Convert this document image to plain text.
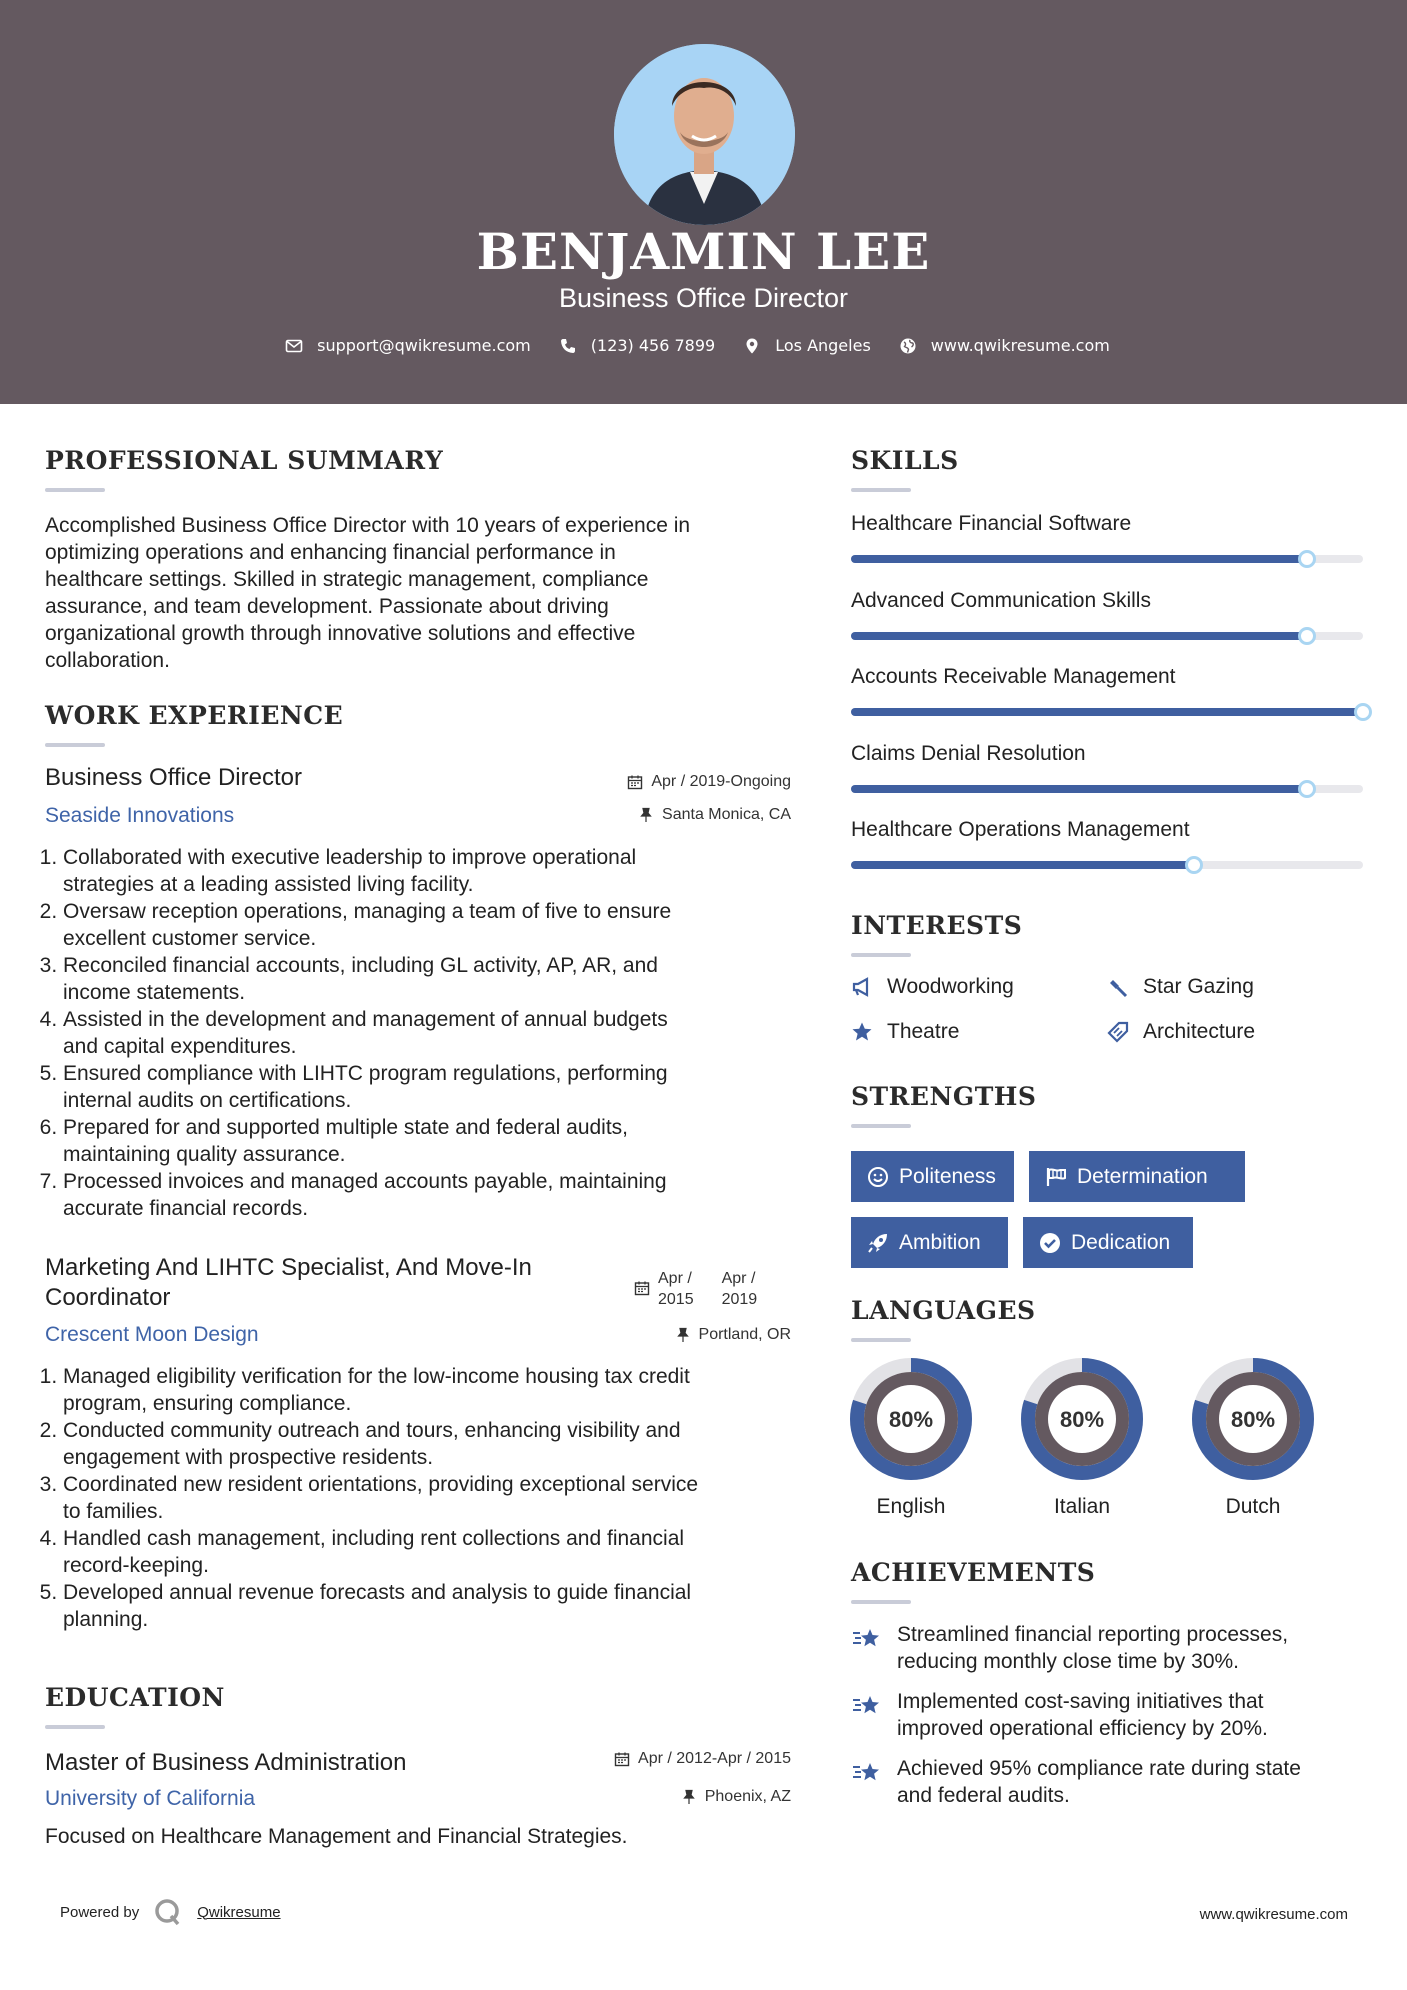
BENJAMIN LEE
Business Office Director
support@qwikresume.com	(123) 456 7899	Los Angeles	www.qwikresume.com
PROFESSIONAL SUMMARY
Accomplished Business Office Director with 10 years of experience in
optimizing operations and enhancing financial performance in
healthcare settings. Skilled in strategic management, compliance
assurance, and team development. Passionate about driving
organizational growth through innovative solutions and effective
collaboration.
WORK EXPERIENCE
Business Office Director	Apr / 2019-Ongoing
Seaside Innovations	Santa Monica, CA
1. Collaborated with executive leadership to improve operational
strategies at a leading assisted living facility.
2. Oversaw reception operations, managing a team of five to ensure
excellent customer service.
3. Reconciled financial accounts, including GL activity, AP, AR, and
income statements.
4. Assisted in the development and management of annual budgets
and capital expenditures.
5. Ensured compliance with LIHTC program regulations, performing
internal audits on certifications.
6. Prepared for and supported multiple state and federal audits,
maintaining quality assurance.
7. Processed invoices and managed accounts payable, maintaining
accurate financial records.
Marketing And LIHTC Specialist, And Move-In
Coordinator
Apr /
2015
Apr /
2019
Crescent Moon Design	Portland, OR
1. Managed eligibility verification for the low-income housing tax credit
program, ensuring compliance.
2. Conducted community outreach and tours, enhancing visibility and
engagement with prospective residents.
3. Coordinated new resident orientations, providing exceptional service
to families.
4. Handled cash management, including rent collections and financial
record-keeping.
5. Developed annual revenue forecasts and analysis to guide financial
planning.
EDUCATION
Master of Business Administration	Apr / 2012-Apr / 2015
University of California	Phoenix, AZ
Focused on Healthcare Management and Financial Strategies.
SKILLS
Healthcare Financial Software
Advanced Communication Skills
Accounts Receivable Management
Claims Denial Resolution
Healthcare Operations Management
INTERESTS
Woodworking	Star Gazing
Theatre	Architecture
STRENGTHS
Politeness	Determination
Ambition	Dedication
LANGUAGES
80%
English
80%
Italian
80%
Dutch
ACHIEVEMENTS
Streamlined financial reporting processes,
reducing monthly close time by 30%.
Implemented cost-saving initiatives that
improved operational efficiency by 20%.
Achieved 95% compliance rate during state
and federal audits.
Powered by	Qwikresume	www.qwikresume.com
